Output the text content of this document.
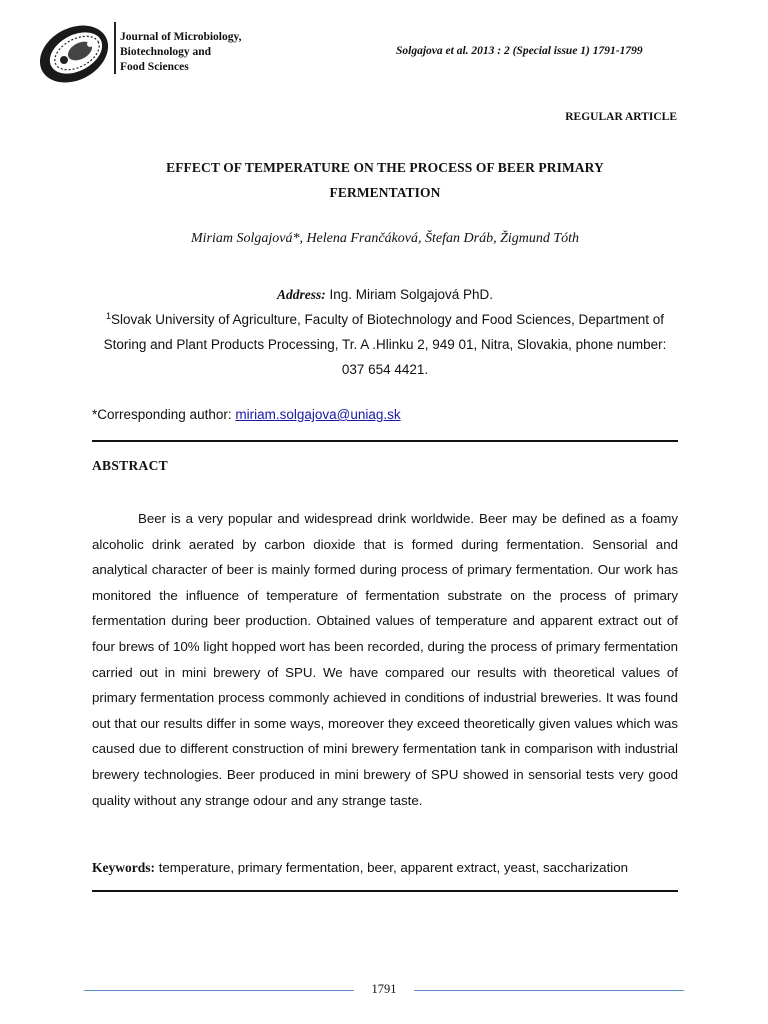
Journal of Microbiology,
Biotechnology and
Food Sciences
Solgajova et al. 2013 : 2 (Special issue 1) 1791-1799
REGULAR ARTICLE
EFFECT OF TEMPERATURE ON THE PROCESS OF BEER PRIMARY
FERMENTATION
Miriam Solgajová*, Helena Frančáková, Štefan Dráb, Žigmund Tóth
Address: Ing. Miriam Solgajová PhD.
$^1$Slovak University of Agriculture, Faculty of Biotechnology and Food Sciences, Department of Storing and Plant Products Processing, Tr. A .Hlinku 2, 949 01, Nitra, Slovakia, phone number: 037 654 4421.
*Corresponding author: miriam.solgajova@uniag.sk
ABSTRACT

Beer is a very popular and widespread drink worldwide. Beer may be defined as a foamy alcoholic drink aerated by carbon dioxide that is formed during fermentation. Sensorial and analytical character of beer is mainly formed during process of primary fermentation. Our work has monitored the influence of temperature of fermentation substrate on the process of primary fermentation during beer production. Obtained values of temperature and apparent extract out of four brews of 10% light hopped wort has been recorded, during the process of primary fermentation carried out in mini brewery of SPU. We have compared our results with theoretical values of primary fermentation process commonly achieved in conditions of industrial breweries. It was found out that our results differ in some ways, moreover they exceed theoretically given values which was caused due to different construction of mini brewery fermentation tank in comparison with industrial brewery technologies. Beer produced in mini brewery of SPU showed in sensorial tests very good quality without any strange odour and any strange taste.

Keywords: temperature, primary fermentation, beer, apparent extract, yeast, saccharization
1791
